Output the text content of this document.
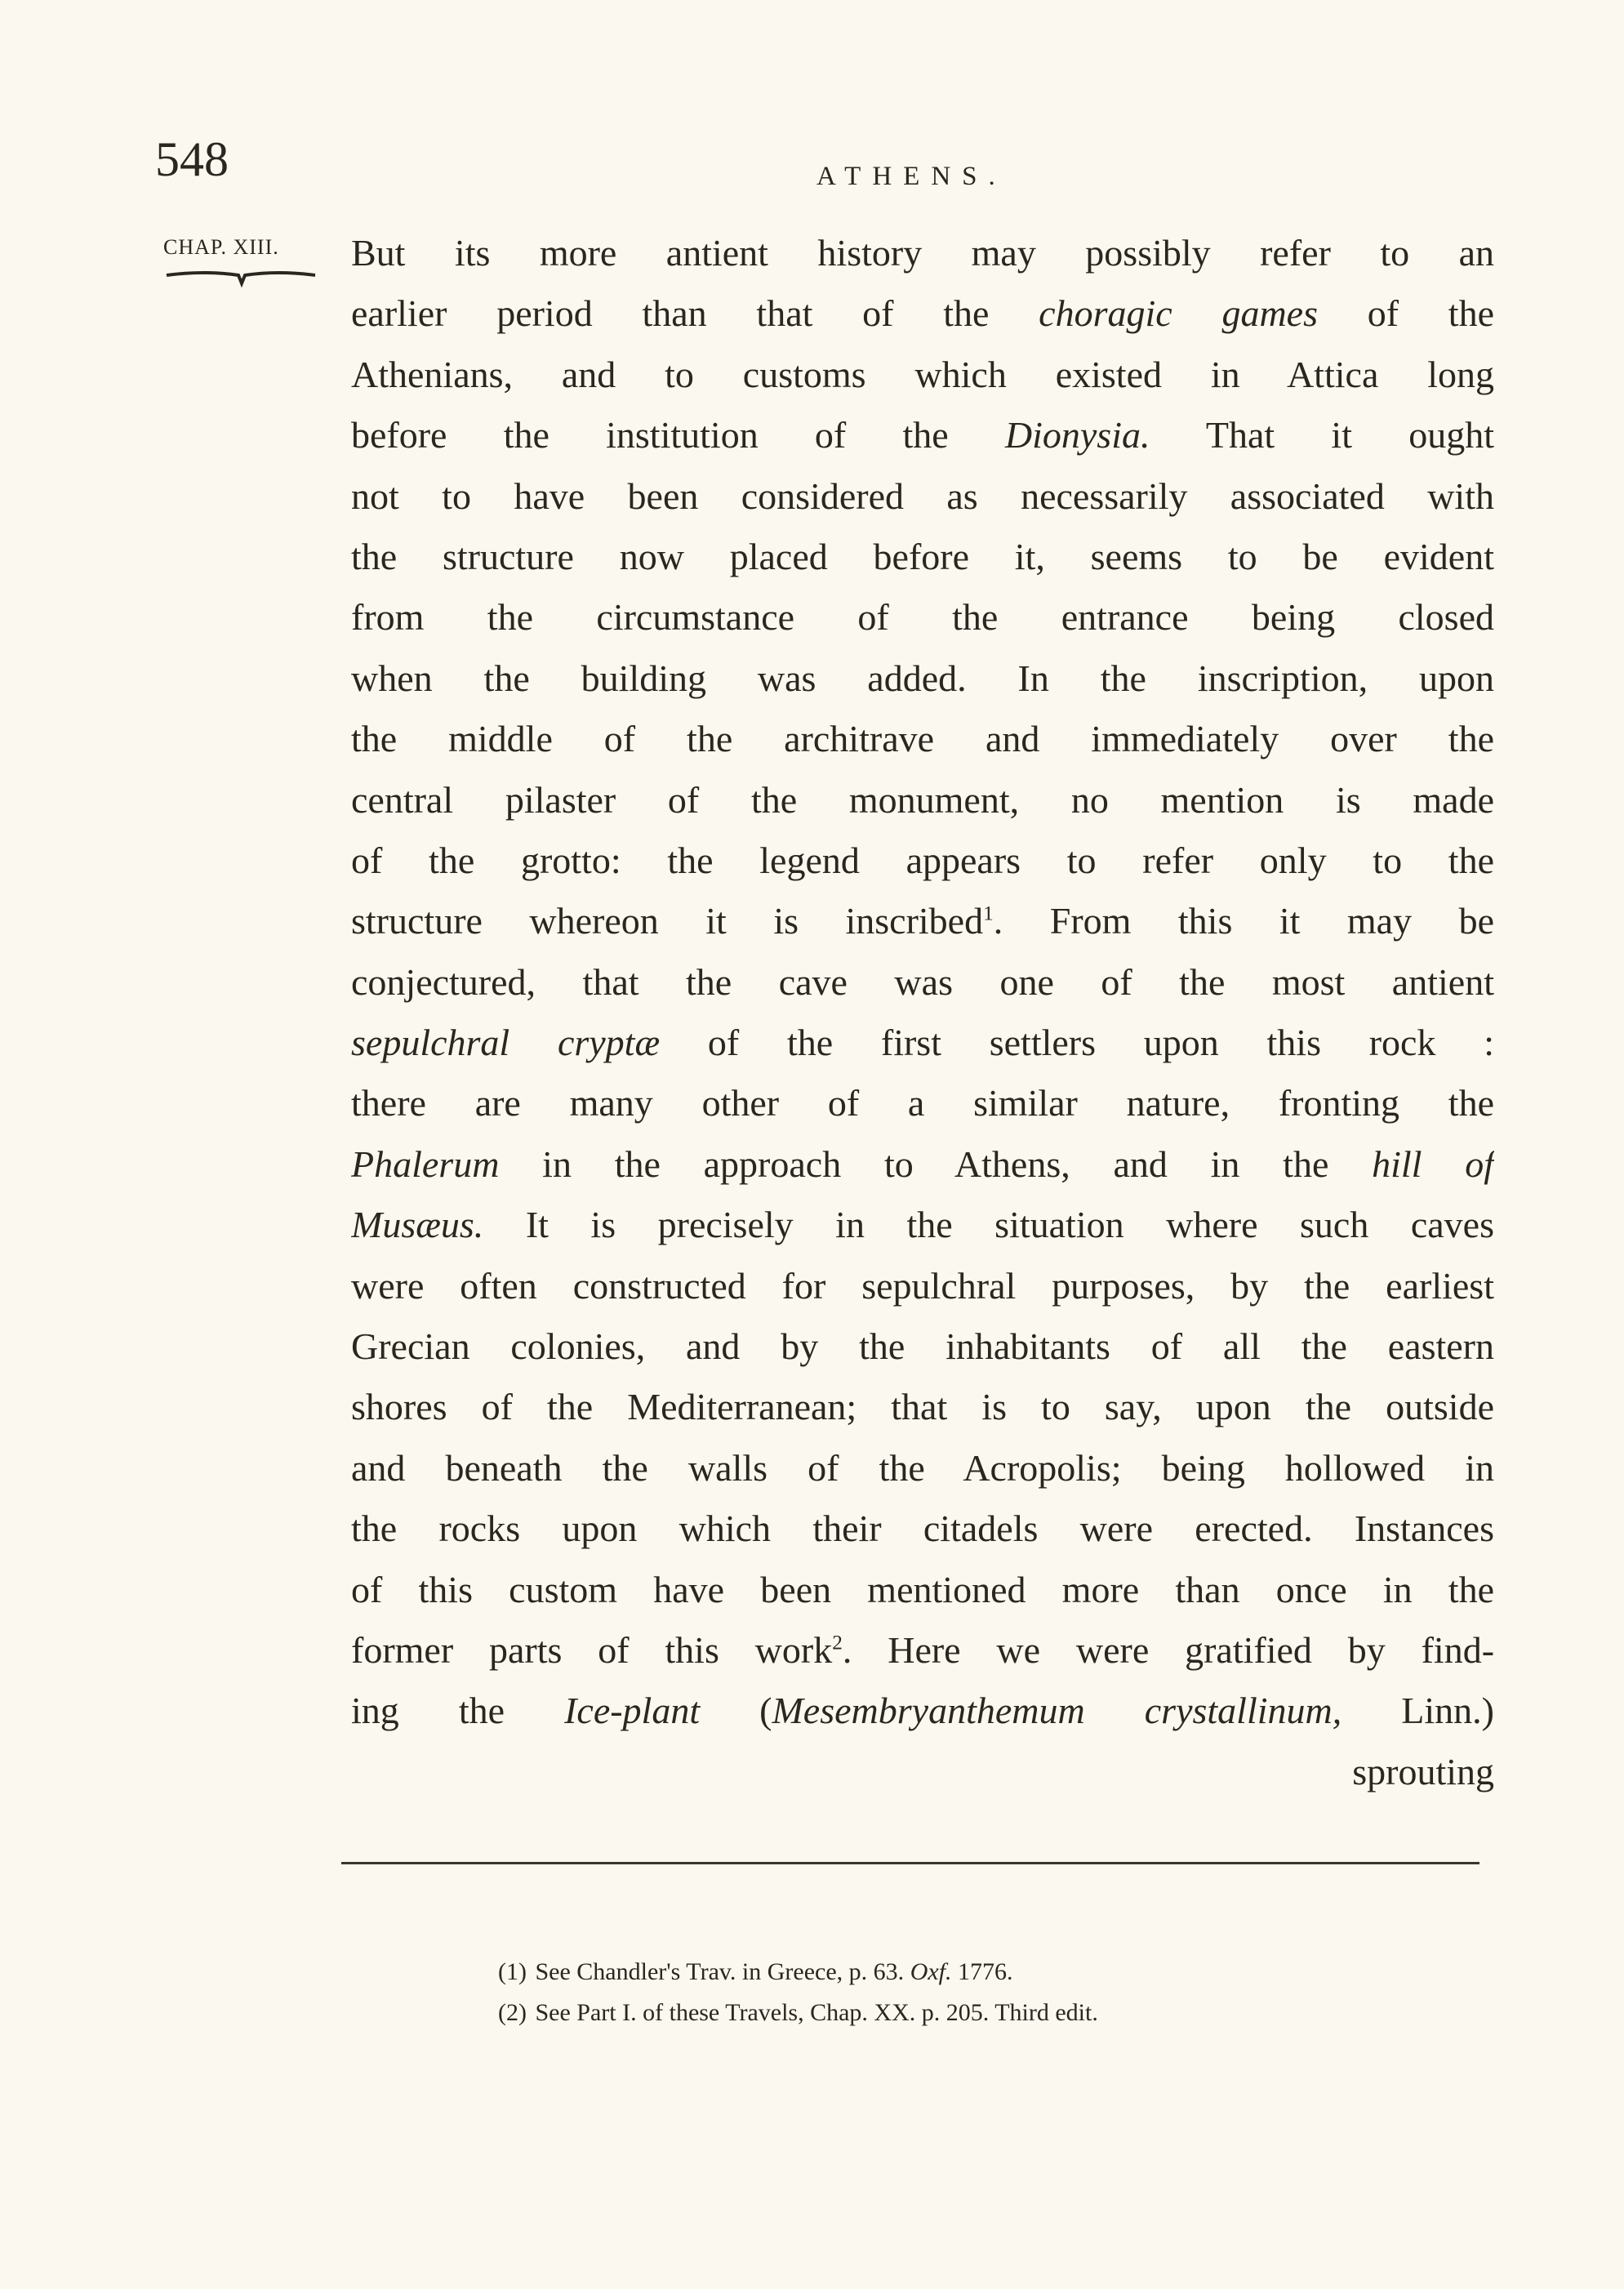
548	ATHENS.
CHAP. XIII. But its more antient history may possibly refer to an
earlier period than that of the choragic games of the
Athenians, and to customs which existed in Attica long
before the institution of the Dionysia. That it ought
not to have been considered as necessarily associated with
the structure now placed before it, seems to be evident
from the circumstance of the entrance being closed
when the building was added. In the inscription, upon
the middle of the architrave and immediately over the
central pilaster of the monument, no mention is made
of the grotto: the legend appears to refer only to the
structure whereon it is inscribed$^1$. From this it may be
conjectured, that the cave was one of the most antient
sepulchral cryptæ of the first settlers upon this rock :
there are many other of a similar nature, fronting the
Phalerum in the approach to Athens, and in the hill of
Musæus. It is precisely in the situation where such caves
were often constructed for sepulchral purposes, by the earliest
Grecian colonies, and by the inhabitants of all the eastern
shores of the Mediterranean; that is to say, upon the outside
and beneath the walls of the Acropolis; being hollowed in
the rocks upon which their citadels were erected. Instances
of this custom have been mentioned more than once in the
former parts of this work$^2$. Here we were gratified by find-
ing the Ice-plant (Mesembryanthemum crystallinum, Linn.)
sprouting
(1) See Chandler's Trav. in Greece, p. 63. Oxf. 1776.
(2) See Part I. of these Travels, Chap. XX. p. 205. Third edit.
